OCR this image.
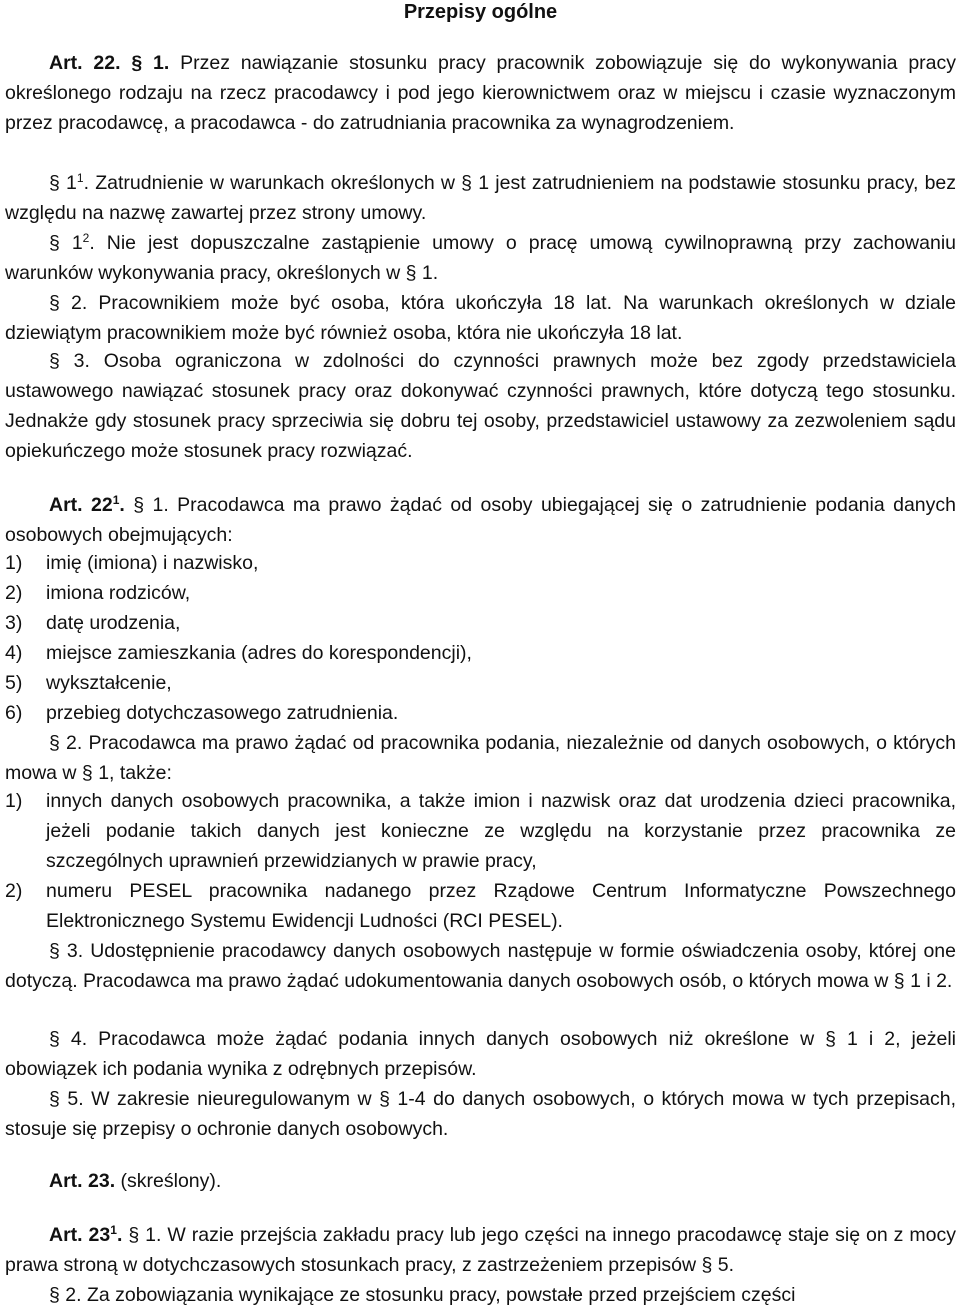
Przepisy ogólne
Art. 22. § 1. Przez nawiązanie stosunku pracy pracownik zobowiązuje się do wykonywania pracy określonego rodzaju na rzecz pracodawcy i pod jego kierownictwem oraz w miejscu i czasie wyznaczonym przez pracodawcę, a pracodawca - do zatrudniania pracownika za wynagrodzeniem.
§ $1^1$. Zatrudnienie w warunkach określonych w § 1 jest zatrudnieniem na podstawie stosunku pracy, bez względu na nazwę zawartej przez strony umowy.
§ $1^2$. Nie jest dopuszczalne zastąpienie umowy o pracę umową cywilnoprawną przy zachowaniu warunków wykonywania pracy, określonych w § 1.
§ 2. Pracownikiem może być osoba, która ukończyła 18 lat. Na warunkach określonych w dziale dziewiątym pracownikiem może być również osoba, która nie ukończyła 18 lat.
§ 3. Osoba ograniczona w zdolności do czynności prawnych może bez zgody przedstawiciela ustawowego nawiązać stosunek pracy oraz dokonywać czynności prawnych, które dotyczą tego stosunku. Jednakże gdy stosunek pracy sprzeciwia się dobru tej osoby, przedstawiciel ustawowy za zezwoleniem sądu opiekuńczego może stosunek pracy rozwiązać.
Art. $22^1$. § 1. Pracodawca ma prawo żądać od osoby ubiegającej się o zatrudnienie podania danych osobowych obejmujących:
1)	imię (imiona) i nazwisko,
2)	imiona rodziców,
3)	datę urodzenia,
4)	miejsce zamieszkania (adres do korespondencji),
5)	wykształcenie,
6)	przebieg dotychczasowego zatrudnienia.
§ 2. Pracodawca ma prawo żądać od pracownika podania, niezależnie od danych osobowych, o których mowa w § 1, także:
1)	innych danych osobowych pracownika, a także imion i nazwisk oraz dat urodzenia dzieci pracownika, jeżeli podanie takich danych jest konieczne ze względu na korzystanie przez pracownika ze szczególnych uprawnień przewidzianych w prawie pracy,
2)	numeru PESEL pracownika nadanego przez Rządowe Centrum Informatyczne Powszechnego Elektronicznego Systemu Ewidencji Ludności (RCI PESEL).
§ 3. Udostępnienie pracodawcy danych osobowych następuje w formie oświadczenia osoby, której one dotyczą. Pracodawca ma prawo żądać udokumentowania danych osobowych osób, o których mowa w § 1 i 2.
§ 4. Pracodawca może żądać podania innych danych osobowych niż określone w § 1 i 2, jeżeli obowiązek ich podania wynika z odrębnych przepisów.
§ 5. W zakresie nieuregulowanym w § 1-4 do danych osobowych, o których mowa w tych przepisach, stosuje się przepisy o ochronie danych osobowych.
Art. 23. (skreślony).
Art. $23^1$. § 1. W razie przejścia zakładu pracy lub jego części na innego pracodawcę staje się on z mocy prawa stroną w dotychczasowych stosunkach pracy, z zastrzeżeniem przepisów § 5.
§ 2. Za zobowiązania wynikające ze stosunku pracy, powstałe przed przejściem części
